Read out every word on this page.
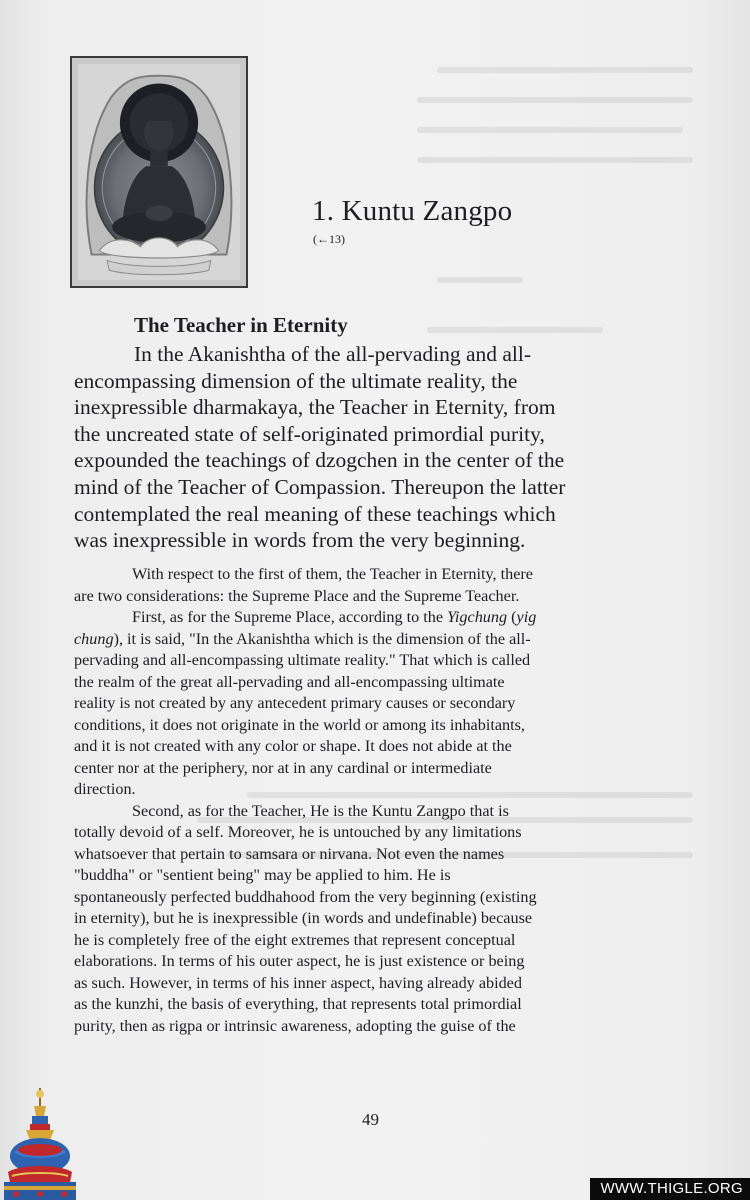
1. Kuntu Zangpo
(←13)
The Teacher in Eternity
In the Akanishtha of the all-pervading and all-
encompassing dimension of the ultimate reality, the
inexpressible dharmakaya, the Teacher in Eternity, from
the uncreated state of self-originated primordial purity,
expounded the teachings of dzogchen in the center of the
mind of the Teacher of Compassion. Thereupon the latter
contemplated the real meaning of these teachings which
was inexpressible in words from the very beginning.
With respect to the first of them, the Teacher in Eternity, there
are two considerations: the Supreme Place and the Supreme Teacher.
First, as for the Supreme Place, according to the Yigchung (yig
chung), it is said, "In the Akanishtha which is the dimension of the all-
pervading and all-encompassing ultimate reality." That which is called
the realm of the great all-pervading and all-encompassing ultimate
reality is not created by any antecedent primary causes or secondary
conditions, it does not originate in the world or among its inhabitants,
and it is not created with any color or shape. It does not abide at the
center nor at the periphery, nor at in any cardinal or intermediate
direction.
Second, as for the Teacher, He is the Kuntu Zangpo that is
totally devoid of a self. Moreover, he is untouched by any limitations
whatsoever that pertain to samsara or nirvana. Not even the names
"buddha" or "sentient being" may be applied to him. He is
spontaneously perfected buddhahood from the very beginning (existing
in eternity), but he is inexpressible (in words and undefinable) because
he is completely free of the eight extremes that represent conceptual
elaborations. In terms of his outer aspect, he is just existence or being
as such. However, in terms of his inner aspect, having already abided
as the kunzhi, the basis of everything, that represents total primordial
purity, then as rigpa or intrinsic awareness, adopting the guise of the
49
WWW.THIGLE.ORG
